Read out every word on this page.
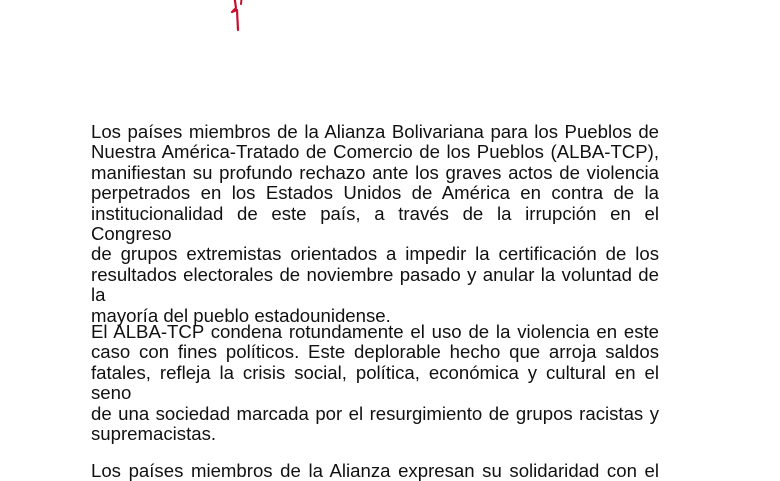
Los países miembros de la Alianza Bolivariana para los Pueblos de
Nuestra América-Tratado de Comercio de los Pueblos (ALBA-TCP),
manifiestan su profundo rechazo ante los graves actos de violencia
perpetrados en los Estados Unidos de América en contra de la
institucionalidad de este país, a través de la irrupción en el Congreso
de grupos extremistas orientados a impedir la certificación de los
resultados electorales de noviembre pasado y anular la voluntad de la
mayoría del pueblo estadounidense.
El ALBA-TCP condena rotundamente el uso de la violencia en este
caso con fines políticos. Este deplorable hecho que arroja saldos
fatales, refleja la crisis social, política, económica y cultural en el seno
de una sociedad marcada por el resurgimiento de grupos racistas y
supremacistas.
Los países miembros de la Alianza expresan su solidaridad con el
